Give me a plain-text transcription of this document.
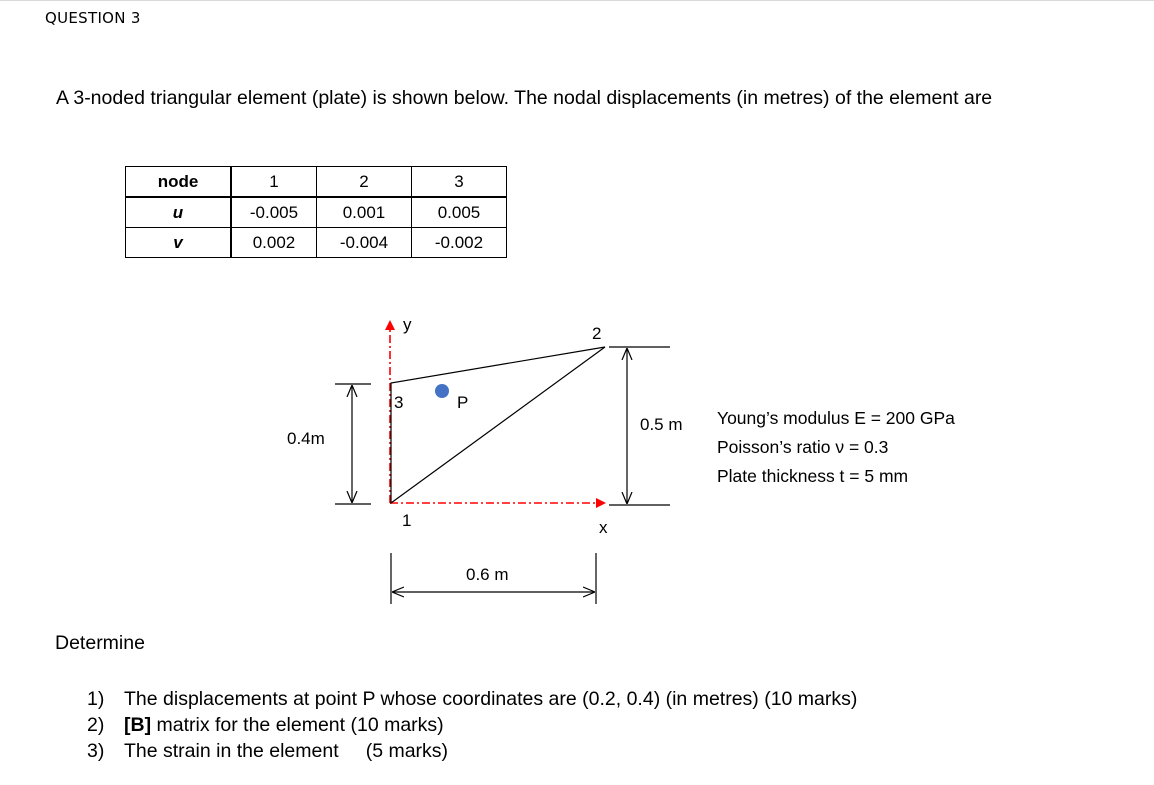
QUESTION 3
A 3-noded triangular element (plate) is shown below. The nodal displacements (in metres) of the element are
node	1	2	3
u	-0.005	0.001	0.005
v	0.002	-0.004	-0.002
y
x
1
2
3	P
0.4m
0.5 m
0.6 m
Young’s modulus E = 200 GPa
Poisson’s ratio ν = 0.3
Plate thickness t = 5 mm
Determine
1) The displacements at point P whose coordinates are (0.2, 0.4) (in metres) (10 marks)
2) [B] matrix for the element (10 marks)
3) The strain in the element     (5 marks)
